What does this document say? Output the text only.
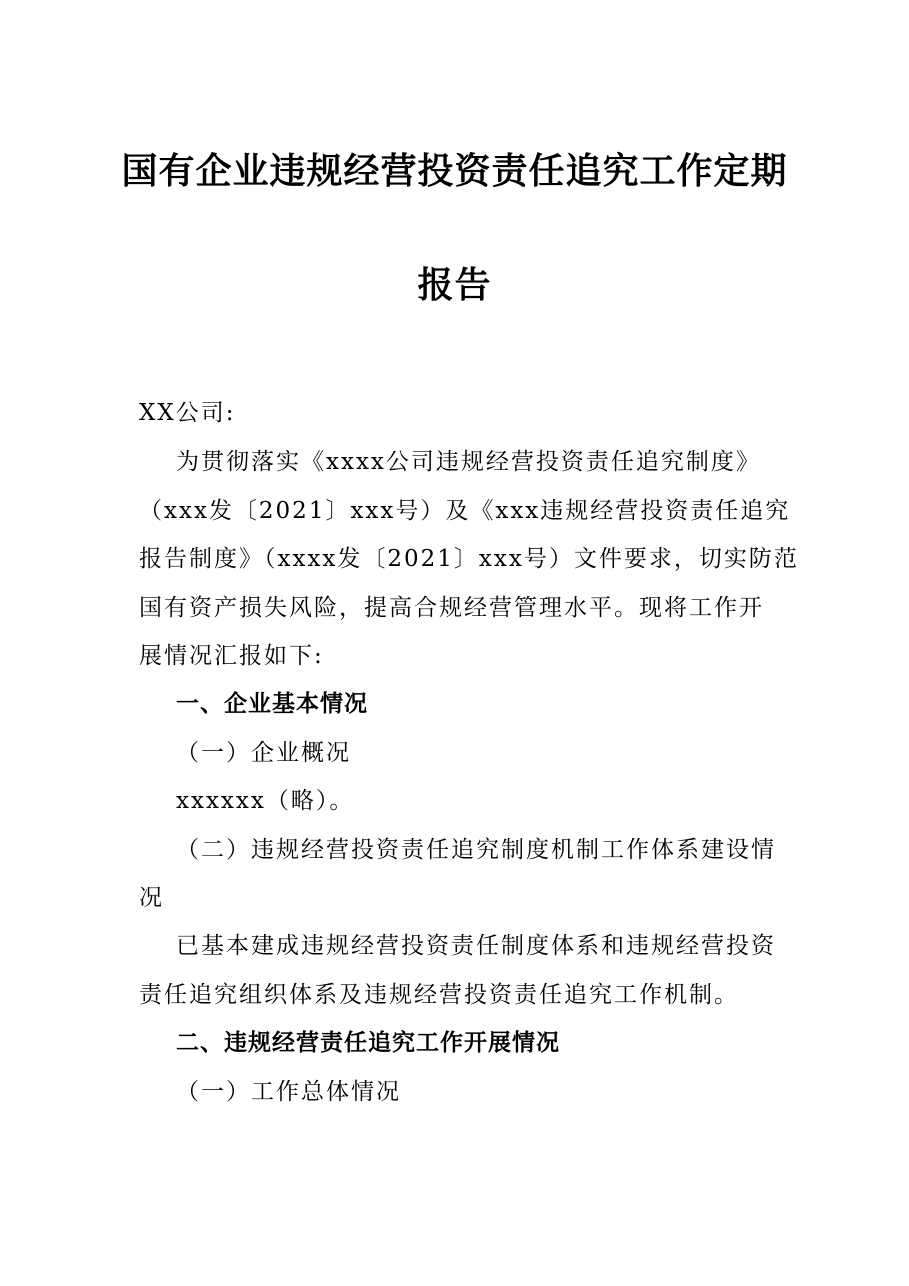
国有企业违规经营投资责任追究工作定期
报告
XX公司:
为贯彻落实《xxxx公司违规经营投资责任追究制度》
（xxx发〔2021〕xxx号）及《xxx违规经营投资责任追究
报告制度》（xxxx发〔2021〕xxx号）文件要求，切实防范
国有资产损失风险，提高合规经营管理水平。现将工作开
展情况汇报如下:
一、企业基本情况
（一）企业概况
xxxxxx（略）。
（二）违规经营投资责任追究制度机制工作体系建设情
况
已基本建成违规经营投资责任制度体系和违规经营投资
责任追究组织体系及违规经营投资责任追究工作机制。
二、违规经营责任追究工作开展情况
（一）工作总体情况
